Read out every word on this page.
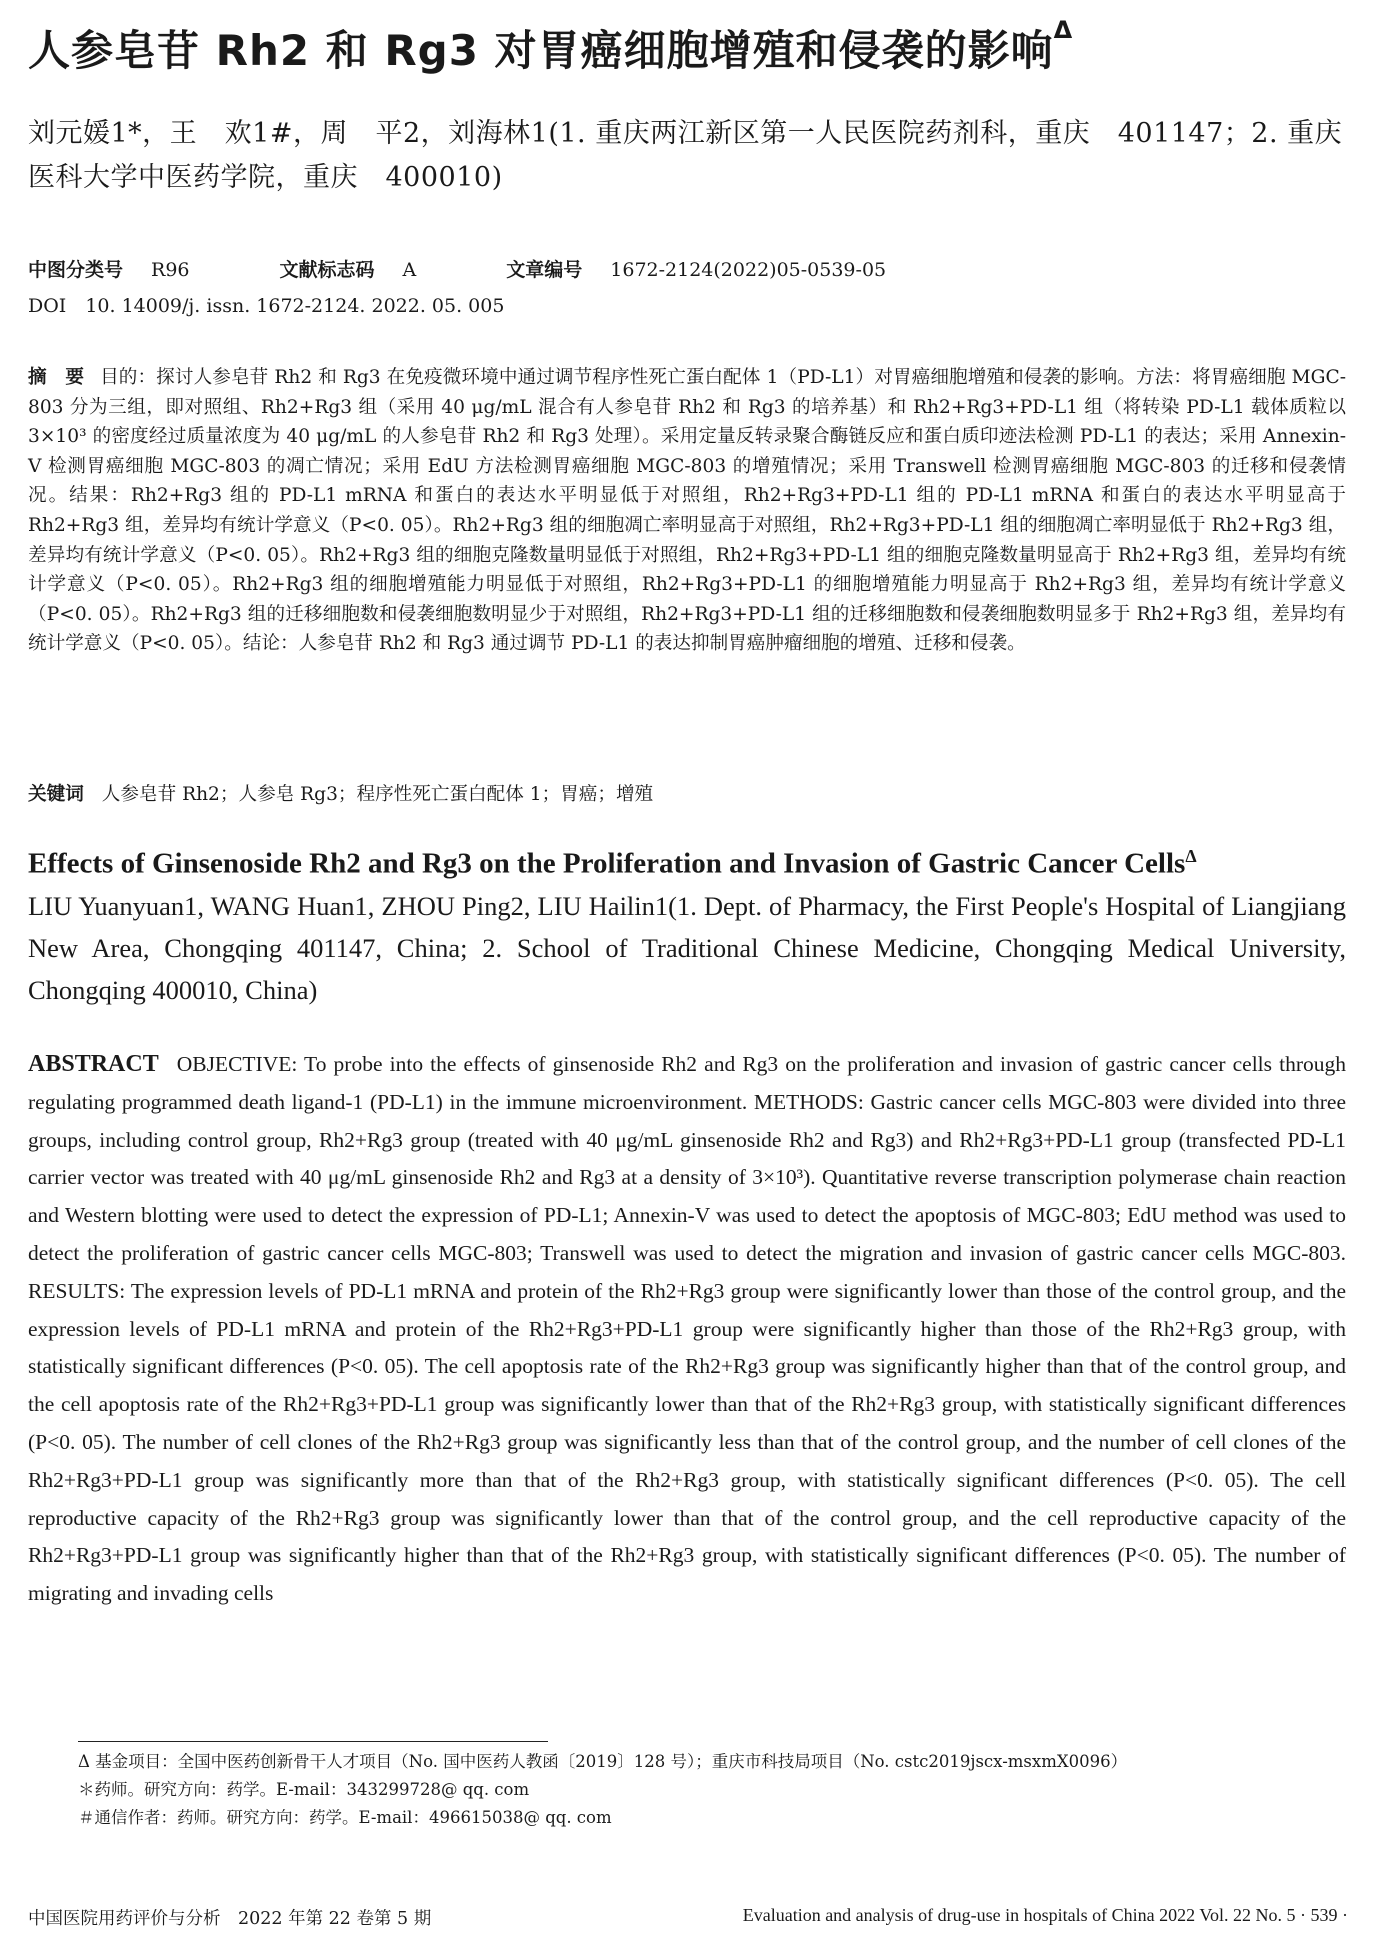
人参皂苷 Rh2 和 Rg3 对胃癌细胞增殖和侵袭的影响$^\Delta$
刘元媛1*，王　欢1#，周　平2，刘海林1(1. 重庆两江新区第一人民医院药剂科，重庆　401147；2. 重庆医科大学中医药学院，重庆　400010)
中图分类号 R96	文献标志码 A	文章编号 1672-2124(2022)05-0539-05
DOI　10. 14009/j. issn. 1672-2124. 2022. 05. 005
摘　要 目的：探讨人参皂苷 Rh2 和 Rg3 在免疫微环境中通过调节程序性死亡蛋白配体 1（PD-L1）对胃癌细胞增殖和侵袭的影响。方法：将胃癌细胞 MGC-803 分为三组，即对照组、Rh2+Rg3 组（采用 40 μg/mL 混合有人参皂苷 Rh2 和 Rg3 的培养基）和 Rh2+Rg3+PD-L1 组（将转染 PD-L1 载体质粒以 3×10³ 的密度经过质量浓度为 40 μg/mL 的人参皂苷 Rh2 和 Rg3 处理）。采用定量反转录聚合酶链反应和蛋白质印迹法检测 PD-L1 的表达；采用 Annexin-V 检测胃癌细胞 MGC-803 的凋亡情况；采用 EdU 方法检测胃癌细胞 MGC-803 的增殖情况；采用 Transwell 检测胃癌细胞 MGC-803 的迁移和侵袭情况。结果：Rh2+Rg3 组的 PD-L1 mRNA 和蛋白的表达水平明显低于对照组，Rh2+Rg3+PD-L1 组的 PD-L1 mRNA 和蛋白的表达水平明显高于 Rh2+Rg3 组，差异均有统计学意义（P<0. 05）。Rh2+Rg3 组的细胞凋亡率明显高于对照组，Rh2+Rg3+PD-L1 组的细胞凋亡率明显低于 Rh2+Rg3 组，差异均有统计学意义（P<0. 05）。Rh2+Rg3 组的细胞克隆数量明显低于对照组，Rh2+Rg3+PD-L1 组的细胞克隆数量明显高于 Rh2+Rg3 组，差异均有统计学意义（P<0. 05）。Rh2+Rg3 组的细胞增殖能力明显低于对照组，Rh2+Rg3+PD-L1 的细胞增殖能力明显高于 Rh2+Rg3 组，差异均有统计学意义（P<0. 05）。Rh2+Rg3 组的迁移细胞数和侵袭细胞数明显少于对照组，Rh2+Rg3+PD-L1 组的迁移细胞数和侵袭细胞数明显多于 Rh2+Rg3 组，差异均有统计学意义（P<0. 05）。结论：人参皂苷 Rh2 和 Rg3 通过调节 PD-L1 的表达抑制胃癌肿瘤细胞的增殖、迁移和侵袭。
关键词 人参皂苷 Rh2；人参皂 Rg3；程序性死亡蛋白配体 1；胃癌；增殖
Effects of Ginsenoside Rh2 and Rg3 on the Proliferation and Invasion of Gastric Cancer Cells$^\Delta$
LIU Yuanyuan1, WANG Huan1, ZHOU Ping2, LIU Hailin1(1. Dept. of Pharmacy, the First People's Hospital of Liangjiang New Area, Chongqing 401147, China; 2. School of Traditional Chinese Medicine, Chongqing Medical University, Chongqing 400010, China)
ABSTRACT OBJECTIVE: To probe into the effects of ginsenoside Rh2 and Rg3 on the proliferation and invasion of gastric cancer cells through regulating programmed death ligand-1 (PD-L1) in the immune microenvironment. METHODS: Gastric cancer cells MGC-803 were divided into three groups, including control group, Rh2+Rg3 group (treated with 40 μg/mL ginsenoside Rh2 and Rg3) and Rh2+Rg3+PD-L1 group (transfected PD-L1 carrier vector was treated with 40 μg/mL ginsenoside Rh2 and Rg3 at a density of 3×10³). Quantitative reverse transcription polymerase chain reaction and Western blotting were used to detect the expression of PD-L1; Annexin-V was used to detect the apoptosis of MGC-803; EdU method was used to detect the proliferation of gastric cancer cells MGC-803; Transwell was used to detect the migration and invasion of gastric cancer cells MGC-803. RESULTS: The expression levels of PD-L1 mRNA and protein of the Rh2+Rg3 group were significantly lower than those of the control group, and the expression levels of PD-L1 mRNA and protein of the Rh2+Rg3+PD-L1 group were significantly higher than those of the Rh2+Rg3 group, with statistically significant differences (P<0. 05). The cell apoptosis rate of the Rh2+Rg3 group was significantly higher than that of the control group, and the cell apoptosis rate of the Rh2+Rg3+PD-L1 group was significantly lower than that of the Rh2+Rg3 group, with statistically significant differences (P<0. 05). The number of cell clones of the Rh2+Rg3 group was significantly less than that of the control group, and the number of cell clones of the Rh2+Rg3+PD-L1 group was significantly more than that of the Rh2+Rg3 group, with statistically significant differences (P<0. 05). The cell reproductive capacity of the Rh2+Rg3 group was significantly lower than that of the control group, and the cell reproductive capacity of the Rh2+Rg3+PD-L1 group was significantly higher than that of the Rh2+Rg3 group, with statistically significant differences (P<0. 05). The number of migrating and invading cells
Δ 基金项目：全国中医药创新骨干人才项目（No. 国中医药人教函〔2019〕128 号）；重庆市科技局项目（No. cstc2019jscx-msxmX0096）
＊药师。研究方向：药学。E-mail：343299728@ qq. com
＃通信作者：药师。研究方向：药学。E-mail：496615038@ qq. com
中国医院用药评价与分析　2022 年第 22 卷第 5 期	Evaluation and analysis of drug-use in hospitals of China 2022 Vol. 22 No. 5 · 539 ·
